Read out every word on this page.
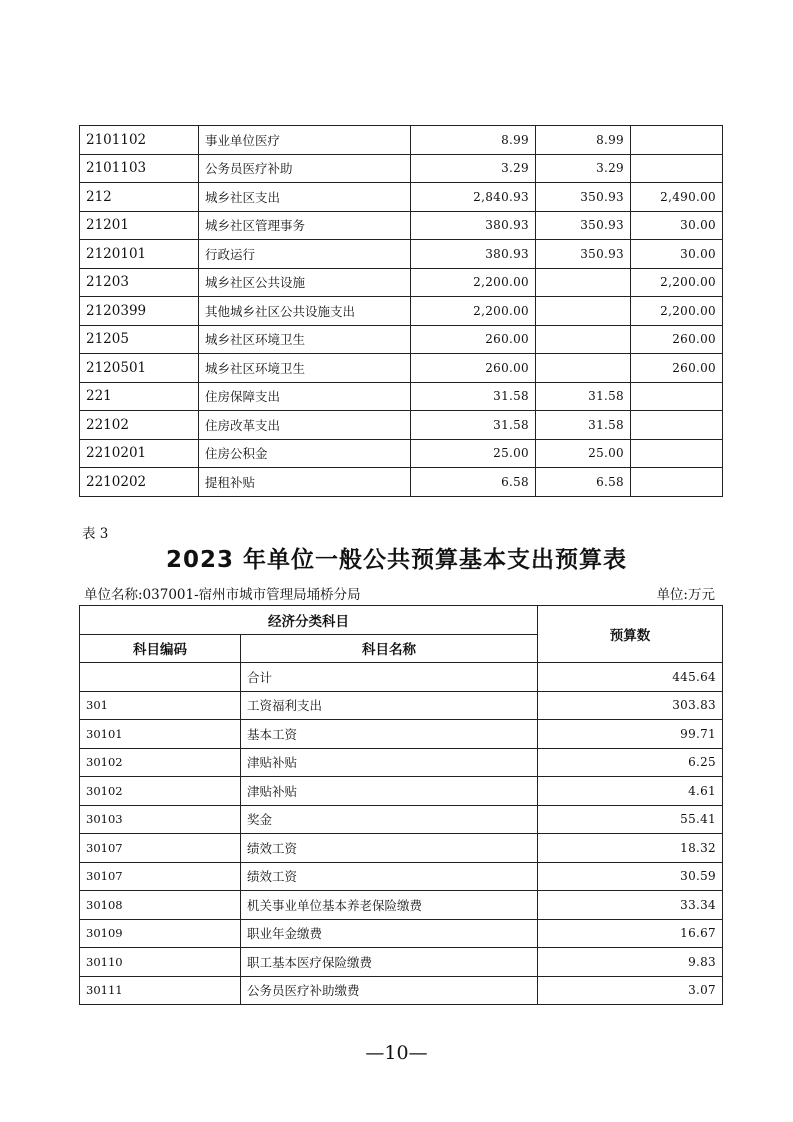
2101102	事业单位医疗	8.99	8.99	
2101103	公务员医疗补助	3.29	3.29	
212	城乡社区支出	2,840.93	350.93	2,490.00
21201	城乡社区管理事务	380.93	350.93	30.00
2120101	行政运行	380.93	350.93	30.00
21203	城乡社区公共设施	2,200.00		2,200.00
2120399	其他城乡社区公共设施支出	2,200.00		2,200.00
21205	城乡社区环境卫生	260.00		260.00
2120501	城乡社区环境卫生	260.00		260.00
221	住房保障支出	31.58	31.58	
22102	住房改革支出	31.58	31.58	
2210201	住房公积金	25.00	25.00	
2210202	提租补贴	6.58	6.58	
表 3
2023 年单位一般公共预算基本支出预算表
单位名称:037001-宿州市城市管理局埇桥分局	单位:万元
经济分类科目		预算数
科目编码	科目名称	
	合计	445.64
301	工资福利支出	303.83
30101	基本工资	99.71
30102	津贴补贴	6.25
30102	津贴补贴	4.61
30103	奖金	55.41
30107	绩效工资	18.32
30107	绩效工资	30.59
30108	机关事业单位基本养老保险缴费	33.34
30109	职业年金缴费	16.67
30110	职工基本医疗保险缴费	9.83
30111	公务员医疗补助缴费	3.07
—10—
